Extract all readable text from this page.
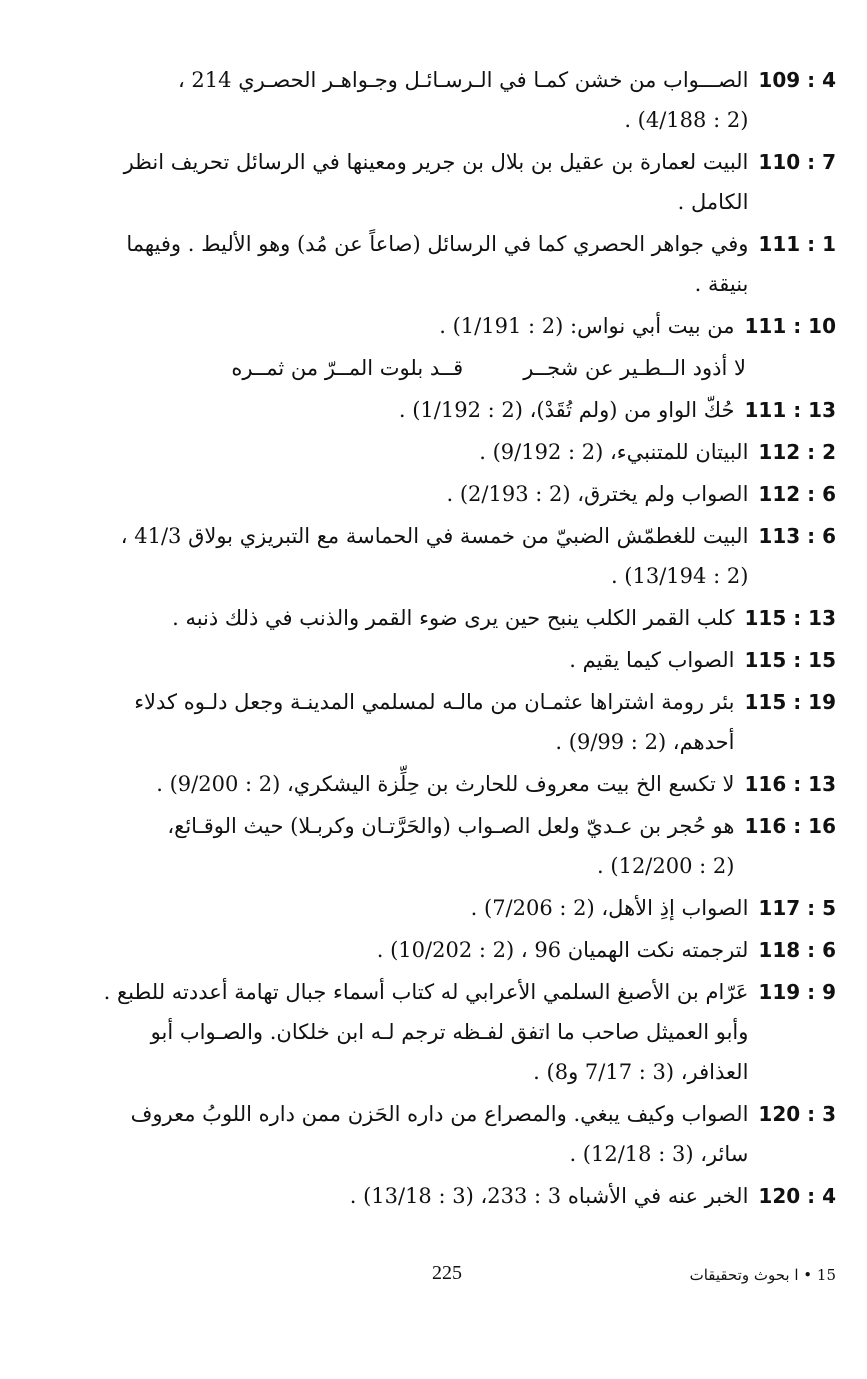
109 : 4
الصـــواب من خشن كمـا في الـرسـائـل وجـواهـر الحصـري 214 ،
(2 : 4/188) .
110 : 7
البيت لعمارة بن عقيل بن بلال بن جرير ومعينها في الرسائل تحريف انظر
الكامل .
111 : 1
وفي جواهر الحصري كما في الرسائل (صاعاً عن مُد) وهو الأليط . وفيهما
بنيقة .
111 : 10
من بيت أبي نواس: (2 : 1/191) .
لا أذود الــطـير عن شجــر
قــد بلوت المــرّ من ثمــره
111 : 13
حُكّ الواو من (ولم تُقَدْ)، (2 : 1/192) .
112 : 2
البيتان للمتنبيء، (2 : 9/192) .
112 : 6
الصواب ولم يخترق، (2 : 2/193) .
113 : 6
البيت للغطمّش الضبيّ من خمسة في الحماسة مع التبريزي بولاق 41/3 ،
(2 : 13/194) .
115 : 13
كلب القمر الكلب ينبح حين يرى ضوء القمر والذنب في ذلك ذنبه .
115 : 15
الصواب كيما يقيم .
115 : 19
بئر رومة اشتراها عثمـان من مالـه لمسلمي المدينـة وجعل دلـوه كدلاء
أحدهم، (2 : 9/99) .
116 : 13
لا تكسع الخ بيت معروف للحارث بن حِلِّزة اليشكري، (2 : 9/200) .
116 : 16
هو حُجر بن عـديّ ولعل الصـواب (والحَرَّتـان وكربـلا) حيث الوقـائع،
(2 : 12/200) .
117 : 5
الصواب إذِ الأهل، (2 : 7/206) .
118 : 6
لترجمته نكت الهميان 96 ، (2 : 10/202) .
119 : 9
عَرّام بن الأصبغ السلمي الأعرابي له كتاب أسماء جبال تهامة أعددته للطبع .
وأبو العميثل صاحب ما اتفق لفـظه ترجم لـه ابن خلكان. والصـواب أبو
العذافر، (3 : 7/17 و8) .
120 : 3
الصواب وكيف يبغي. والمصراع من داره الحَزن ممن داره اللوبُ معروف
سائر، (3 : 12/18) .
120 : 4
الخبر عنه في الأشباه 3 : 233، (3 : 13/18) .
225	15 • ا بحوث وتحقيقات
